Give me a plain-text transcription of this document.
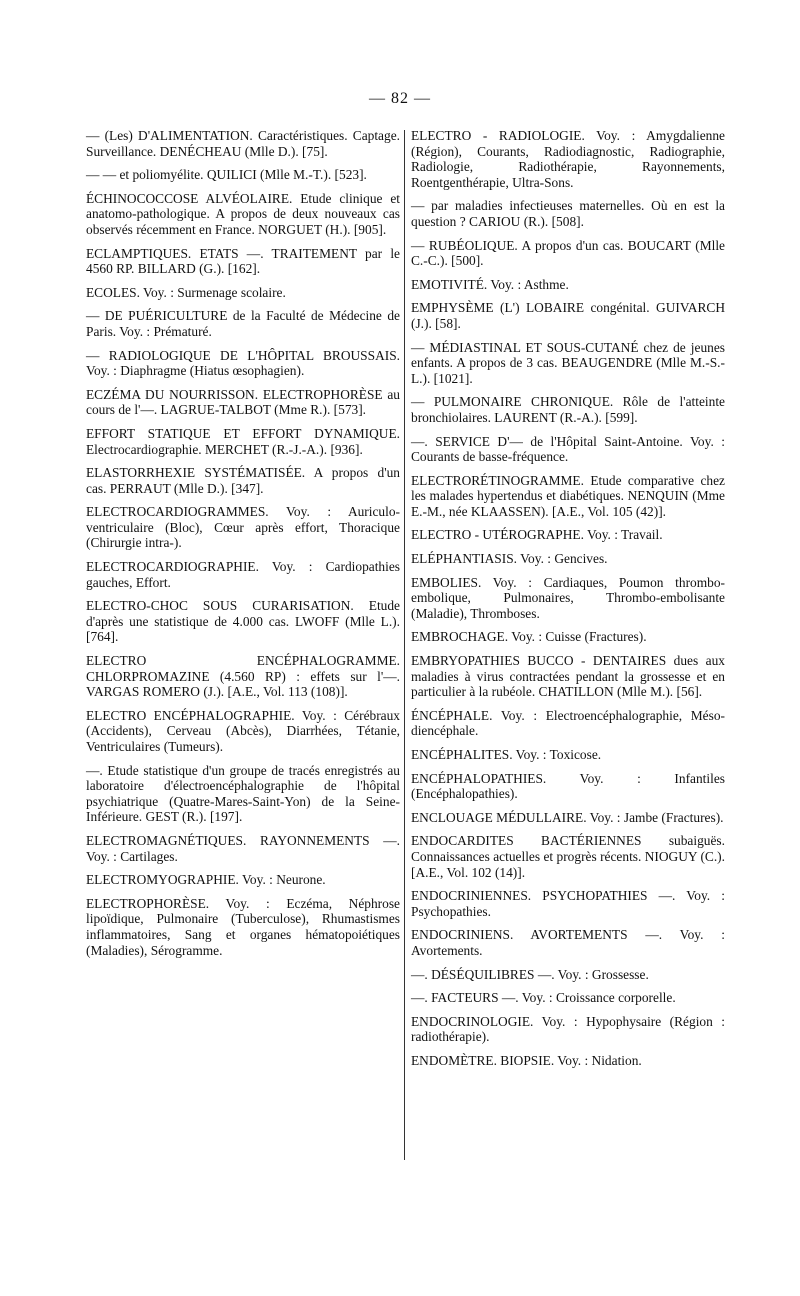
— 82 —

— (Les) D'ALIMENTATION. Caractéristiques. Captage. Surveillance. DENÉCHEAU (Mlle D.). [75].

— — et poliomyélite. QUILICI (Mlle M.-T.). [523].

ÉCHINOCOCCOSE ALVÉOLAIRE. Etude clinique et anatomo-pathologique. A propos de deux nouveaux cas observés récemment en France. NORGUET (H.). [905].

ECLAMPTIQUES. ETATS —. TRAITEMENT par le 4560 RP. BILLARD (G.). [162].

ECOLES. Voy. : Surmenage scolaire.

— DE PUÉRICULTURE de la Faculté de Médecine de Paris. Voy. : Prématuré.

— RADIOLOGIQUE DE L'HÔPITAL BROUSSAIS. Voy. : Diaphragme (Hiatus œsophagien).

ECZÉMA DU NOURRISSON. ELECTROPHORÈSE au cours de l'—. LAGRUE-TALBOT (Mme R.). [573].

EFFORT STATIQUE ET EFFORT DYNAMIQUE. Electrocardiographie. MERCHET (R.-J.-A.). [936].

ELASTORRHEXIE SYSTÉMATISÉE. A propos d'un cas. PERRAUT (Mlle D.). [347].

ELECTROCARDIOGRAMMES. Voy. : Auriculo-ventriculaire (Bloc), Cœur après effort, Thoracique (Chirurgie intra-).

ELECTROCARDIOGRAPHIE. Voy. : Cardiopathies gauches, Effort.

ELECTRO-CHOC SOUS CURARISATION. Etude d'après une statistique de 4.000 cas. LWOFF (Mlle L.). [764].

ELECTRO ENCÉPHALOGRAMME. CHLORPROMAZINE (4.560 RP) : effets sur l'—. VARGAS ROMERO (J.). [A.E., Vol. 113 (108)].

ELECTRO ENCÉPHALOGRAPHIE. Voy. : Cérébraux (Accidents), Cerveau (Abcès), Diarrhées, Tétanie, Ventriculaires (Tumeurs).

—. Etude statistique d'un groupe de tracés enregistrés au laboratoire d'électroencéphalographie de l'hôpital psychiatrique (Quatre-Mares-Saint-Yon) de la Seine-Inférieure. GEST (R.). [197].

ELECTROMAGNÉTIQUES. RAYONNEMENTS —. Voy. : Cartilages.

ELECTROMYOGRAPHIE. Voy. : Neurone.

ELECTROPHORÈSE. Voy. : Eczéma, Néphrose lipoïdique, Pulmonaire (Tuberculose), Rhumastismes inflammatoires, Sang et organes hématopoiétiques (Maladies), Sérogramme.

ELECTRO - RADIOLOGIE. Voy. : Amygdalienne (Région), Courants, Radiodiagnostic, Radiographie, Radiologie, Radiothérapie, Rayonnements, Roentgenthérapie, Ultra-Sons.

— par maladies infectieuses maternelles. Où en est la question ? CARIOU (R.). [508].

— RUBÉOLIQUE. A propos d'un cas. BOUCART (Mlle C.-C.). [500].

EMOTIVITÉ. Voy. : Asthme.

EMPHYSÈME (L') LOBAIRE congénital. GUIVARCH (J.). [58].

— MÉDIASTINAL ET SOUS-CUTANÉ chez de jeunes enfants. A propos de 3 cas. BEAUGENDRE (Mlle M.-S.-L.). [1021].

— PULMONAIRE CHRONIQUE. Rôle de l'atteinte bronchiolaires. LAURENT (R.-A.). [599].

—. SERVICE D'— de l'Hôpital Saint-Antoine. Voy. : Courants de basse-fréquence.

ELECTRORÉTINOGRAMME. Etude comparative chez les malades hypertendus et diabétiques. NENQUIN (Mme E.-M., née KLAASSEN). [A.E., Vol. 105 (42)].

ELECTRO - UTÉROGRAPHE. Voy. : Travail.

ELÉPHANTIASIS. Voy. : Gencives.

EMBOLIES. Voy. : Cardiaques, Poumon thrombo-embolique, Pulmonaires, Thrombo-embolisante (Maladie), Thromboses.

EMBROCHAGE. Voy. : Cuisse (Fractures).

EMBRYOPATHIES BUCCO - DENTAIRES dues aux maladies à virus contractées pendant la grossesse et en particulier à la rubéole. CHATILLON (Mlle M.). [56].

ÉNCÉPHALE. Voy. : Electroencéphalographie, Méso-diencéphale.

ENCÉPHALITES. Voy. : Toxicose.

ENCÉPHALOPATHIES. Voy. : Infantiles (Encéphalopathies).

ENCLOUAGE MÉDULLAIRE. Voy. : Jambe (Fractures).

ENDOCARDITES BACTÉRIENNES subaiguës. Connaissances actuelles et progrès récents. NIOGUY (C.). [A.E., Vol. 102 (14)].

ENDOCRINIENNES. PSYCHOPATHIES —. Voy. : Psychopathies.

ENDOCRINIENS. AVORTEMENTS —. Voy. : Avortements.

—. DÉSÉQUILIBRES —. Voy. : Grossesse.

—. FACTEURS —. Voy. : Croissance corporelle.

ENDOCRINOLOGIE. Voy. : Hypophysaire (Région : radiothérapie).

ENDOMÈTRE. BIOPSIE. Voy. : Nidation.
